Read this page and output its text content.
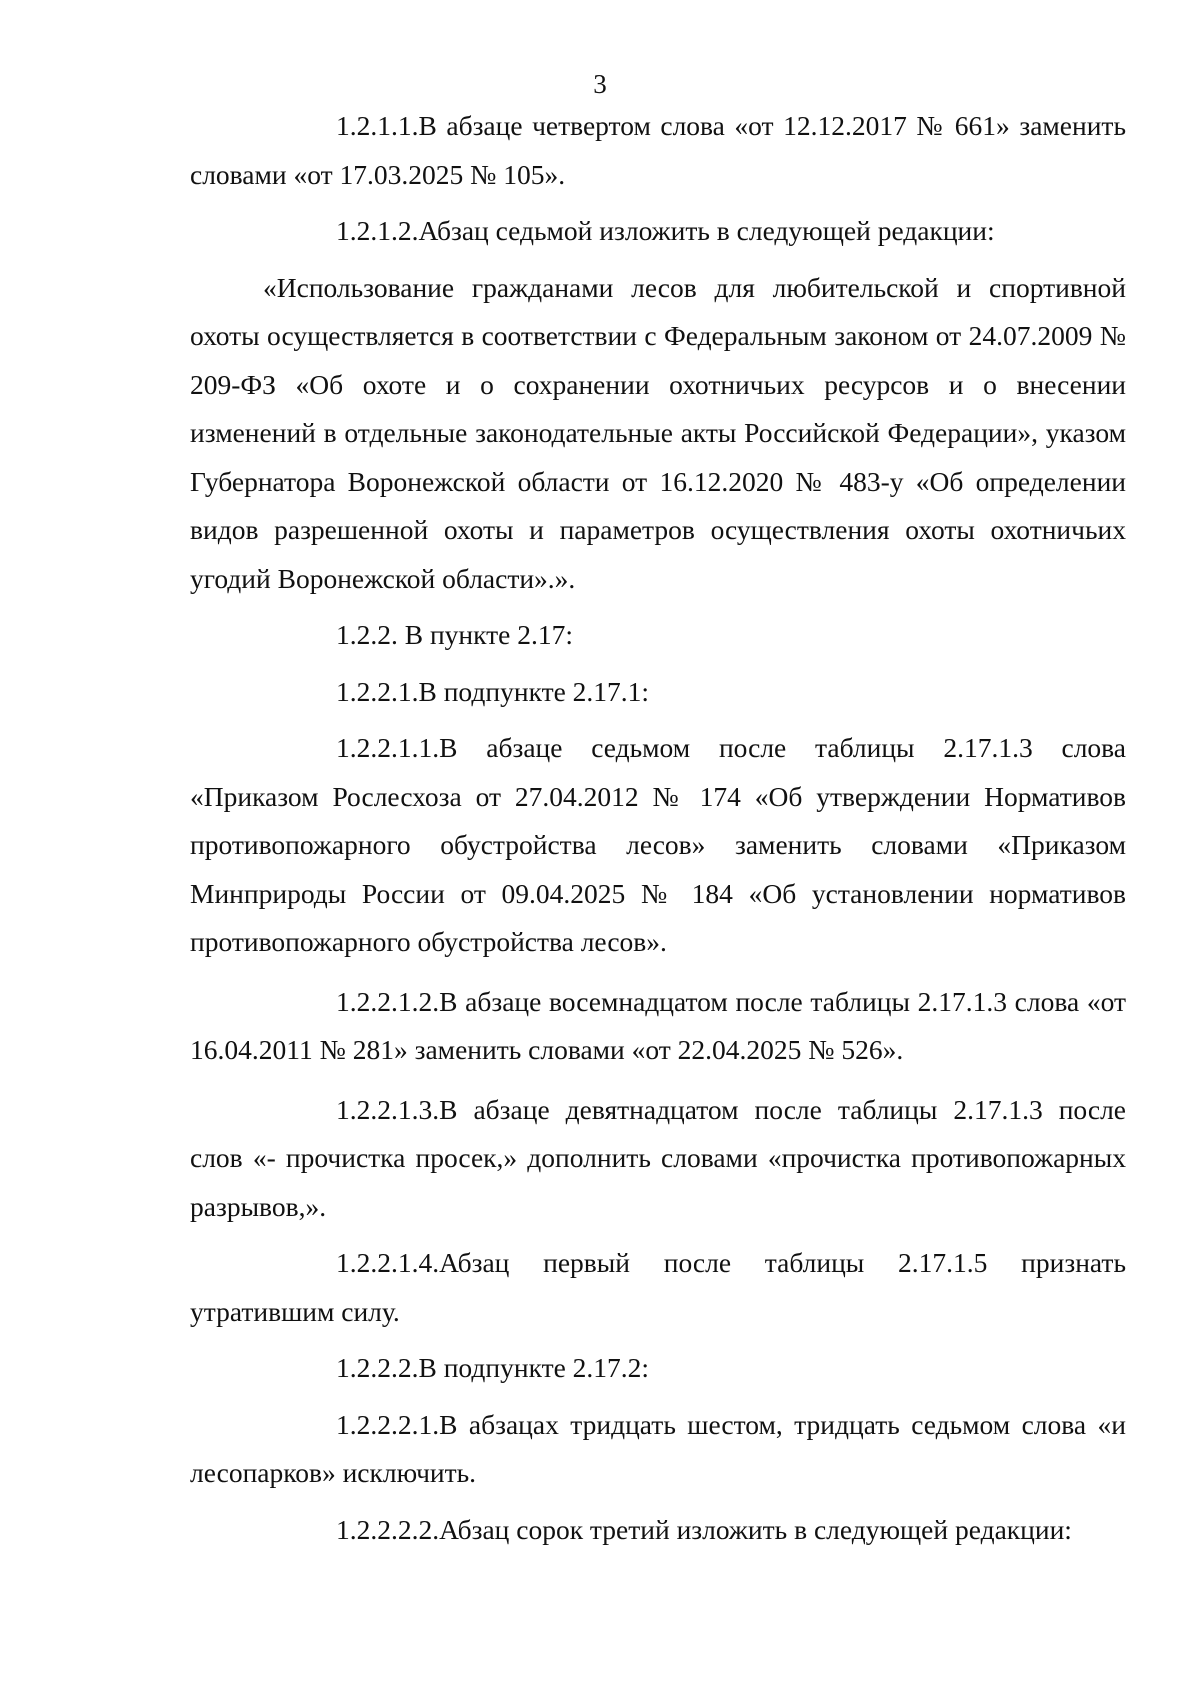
3

1.2.1.1.В абзаце четвертом слова «от 12.12.2017 № 661» заменить словами «от 17.03.2025 № 105».

1.2.1.2.Абзац седьмой изложить в следующей редакции:

«Использование гражданами лесов для любительской и спортивной охоты осуществляется в соответствии с Федеральным законом от 24.07.2009 № 209-ФЗ «Об охоте и о сохранении охотничьих ресурсов и о внесении изменений в отдельные законодательные акты Российской Федерации», указом Губернатора Воронежской области от 16.12.2020 № 483-у «Об определении видов разрешенной охоты и параметров осуществления охоты охотничьих угодий Воронежской области».».

1.2.2. В пункте 2.17:

1.2.2.1.В подпункте 2.17.1:

1.2.2.1.1.В абзаце седьмом после таблицы 2.17.1.3 слова «Приказом Рослесхоза от 27.04.2012 № 174 «Об утверждении Нормативов противопожарного обустройства лесов» заменить словами «Приказом Минприроды России от 09.04.2025 № 184 «Об установлении нормативов противопожарного обустройства лесов».

1.2.2.1.2.В абзаце восемнадцатом после таблицы 2.17.1.3 слова «от 16.04.2011 № 281» заменить словами «от 22.04.2025 № 526».

1.2.2.1.3.В абзаце девятнадцатом после таблицы 2.17.1.3 после слов «- прочистка просек,» дополнить словами «прочистка противопожарных разрывов,».

1.2.2.1.4.Абзац первый после таблицы 2.17.1.5 признать утратившим силу.

1.2.2.2.В подпункте 2.17.2:

1.2.2.2.1.В абзацах тридцать шестом, тридцать седьмом слова «и лесопарков» исключить.

1.2.2.2.2.Абзац сорок третий изложить в следующей редакции:
